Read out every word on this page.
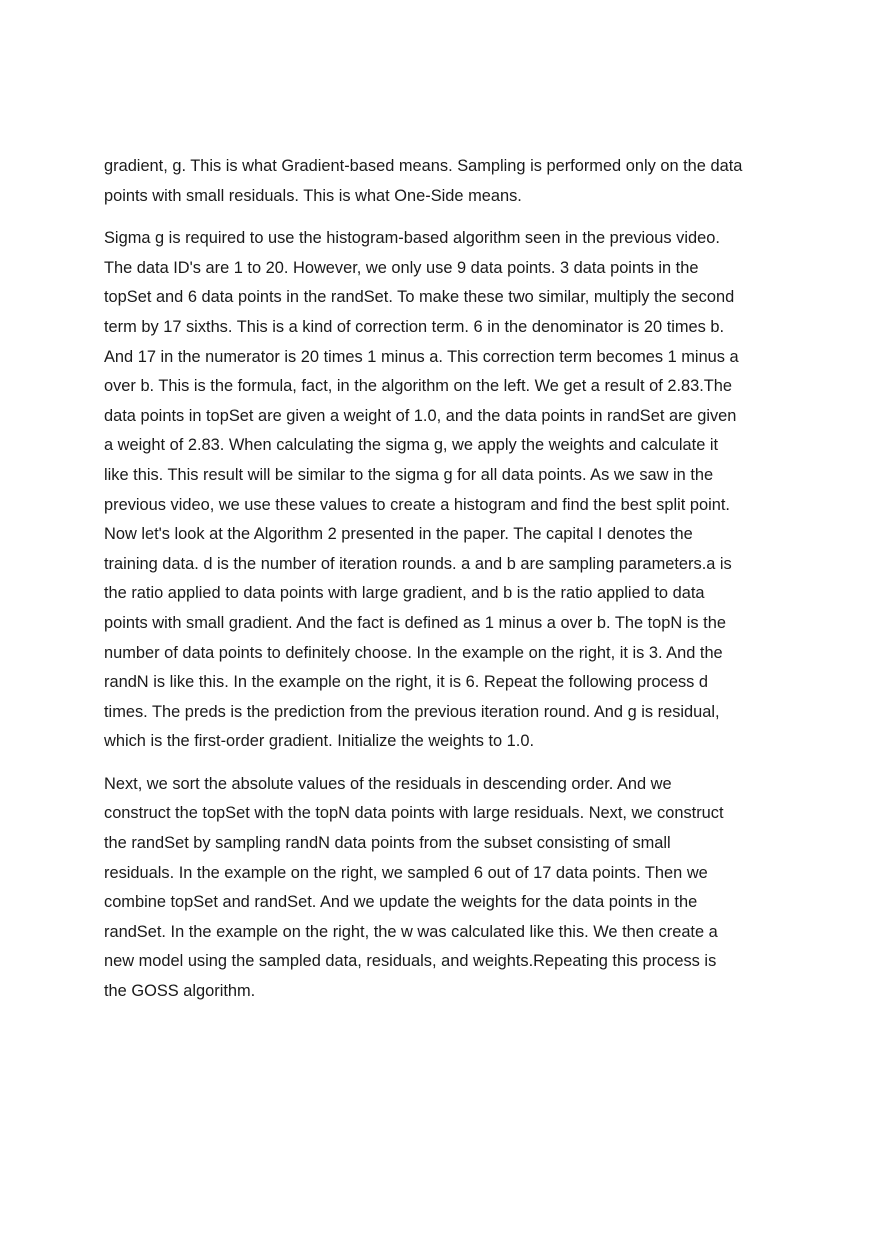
gradient, g. This is what Gradient-based means. Sampling is performed only on the data
points with small residuals. This is what One-Side means.

Sigma g is required to use the histogram-based algorithm seen in the previous video.
The data ID's are 1 to 20. However, we only use 9 data points. 3 data points in the
topSet and 6 data points in the randSet. To make these two similar, multiply the second
term by 17 sixths. This is a kind of correction term. 6 in the denominator is 20 times b.
And 17 in the numerator is 20 times 1 minus a. This correction term becomes 1 minus a
over b. This is the formula, fact, in the algorithm on the left. We get a result of 2.83.The
data points in topSet are given a weight of 1.0, and the data points in randSet are given
a weight of 2.83. When calculating the sigma g, we apply the weights and calculate it
like this. This result will be similar to the sigma g for all data points. As we saw in the
previous video, we use these values to create a histogram and find the best split point.
Now let's look at the Algorithm 2 presented in the paper. The capital I denotes the
training data. d is the number of iteration rounds. a and b are sampling parameters.a is
the ratio applied to data points with large gradient, and b is the ratio applied to data
points with small gradient. And the fact is defined as 1 minus a over b. The topN is the
number of data points to definitely choose. In the example on the right, it is 3. And the
randN is like this. In the example on the right, it is 6. Repeat the following process d
times. The preds is the prediction from the previous iteration round. And g is residual,
which is the first-order gradient. Initialize the weights to 1.0.

Next, we sort the absolute values of the residuals in descending order. And we
construct the topSet with the topN data points with large residuals. Next, we construct
the randSet by sampling randN data points from the subset consisting of small
residuals. In the example on the right, we sampled 6 out of 17 data points. Then we
combine topSet and randSet. And we update the weights for the data points in the
randSet. In the example on the right, the w was calculated like this. We then create a
new model using the sampled data, residuals, and weights.Repeating this process is
the GOSS algorithm.
